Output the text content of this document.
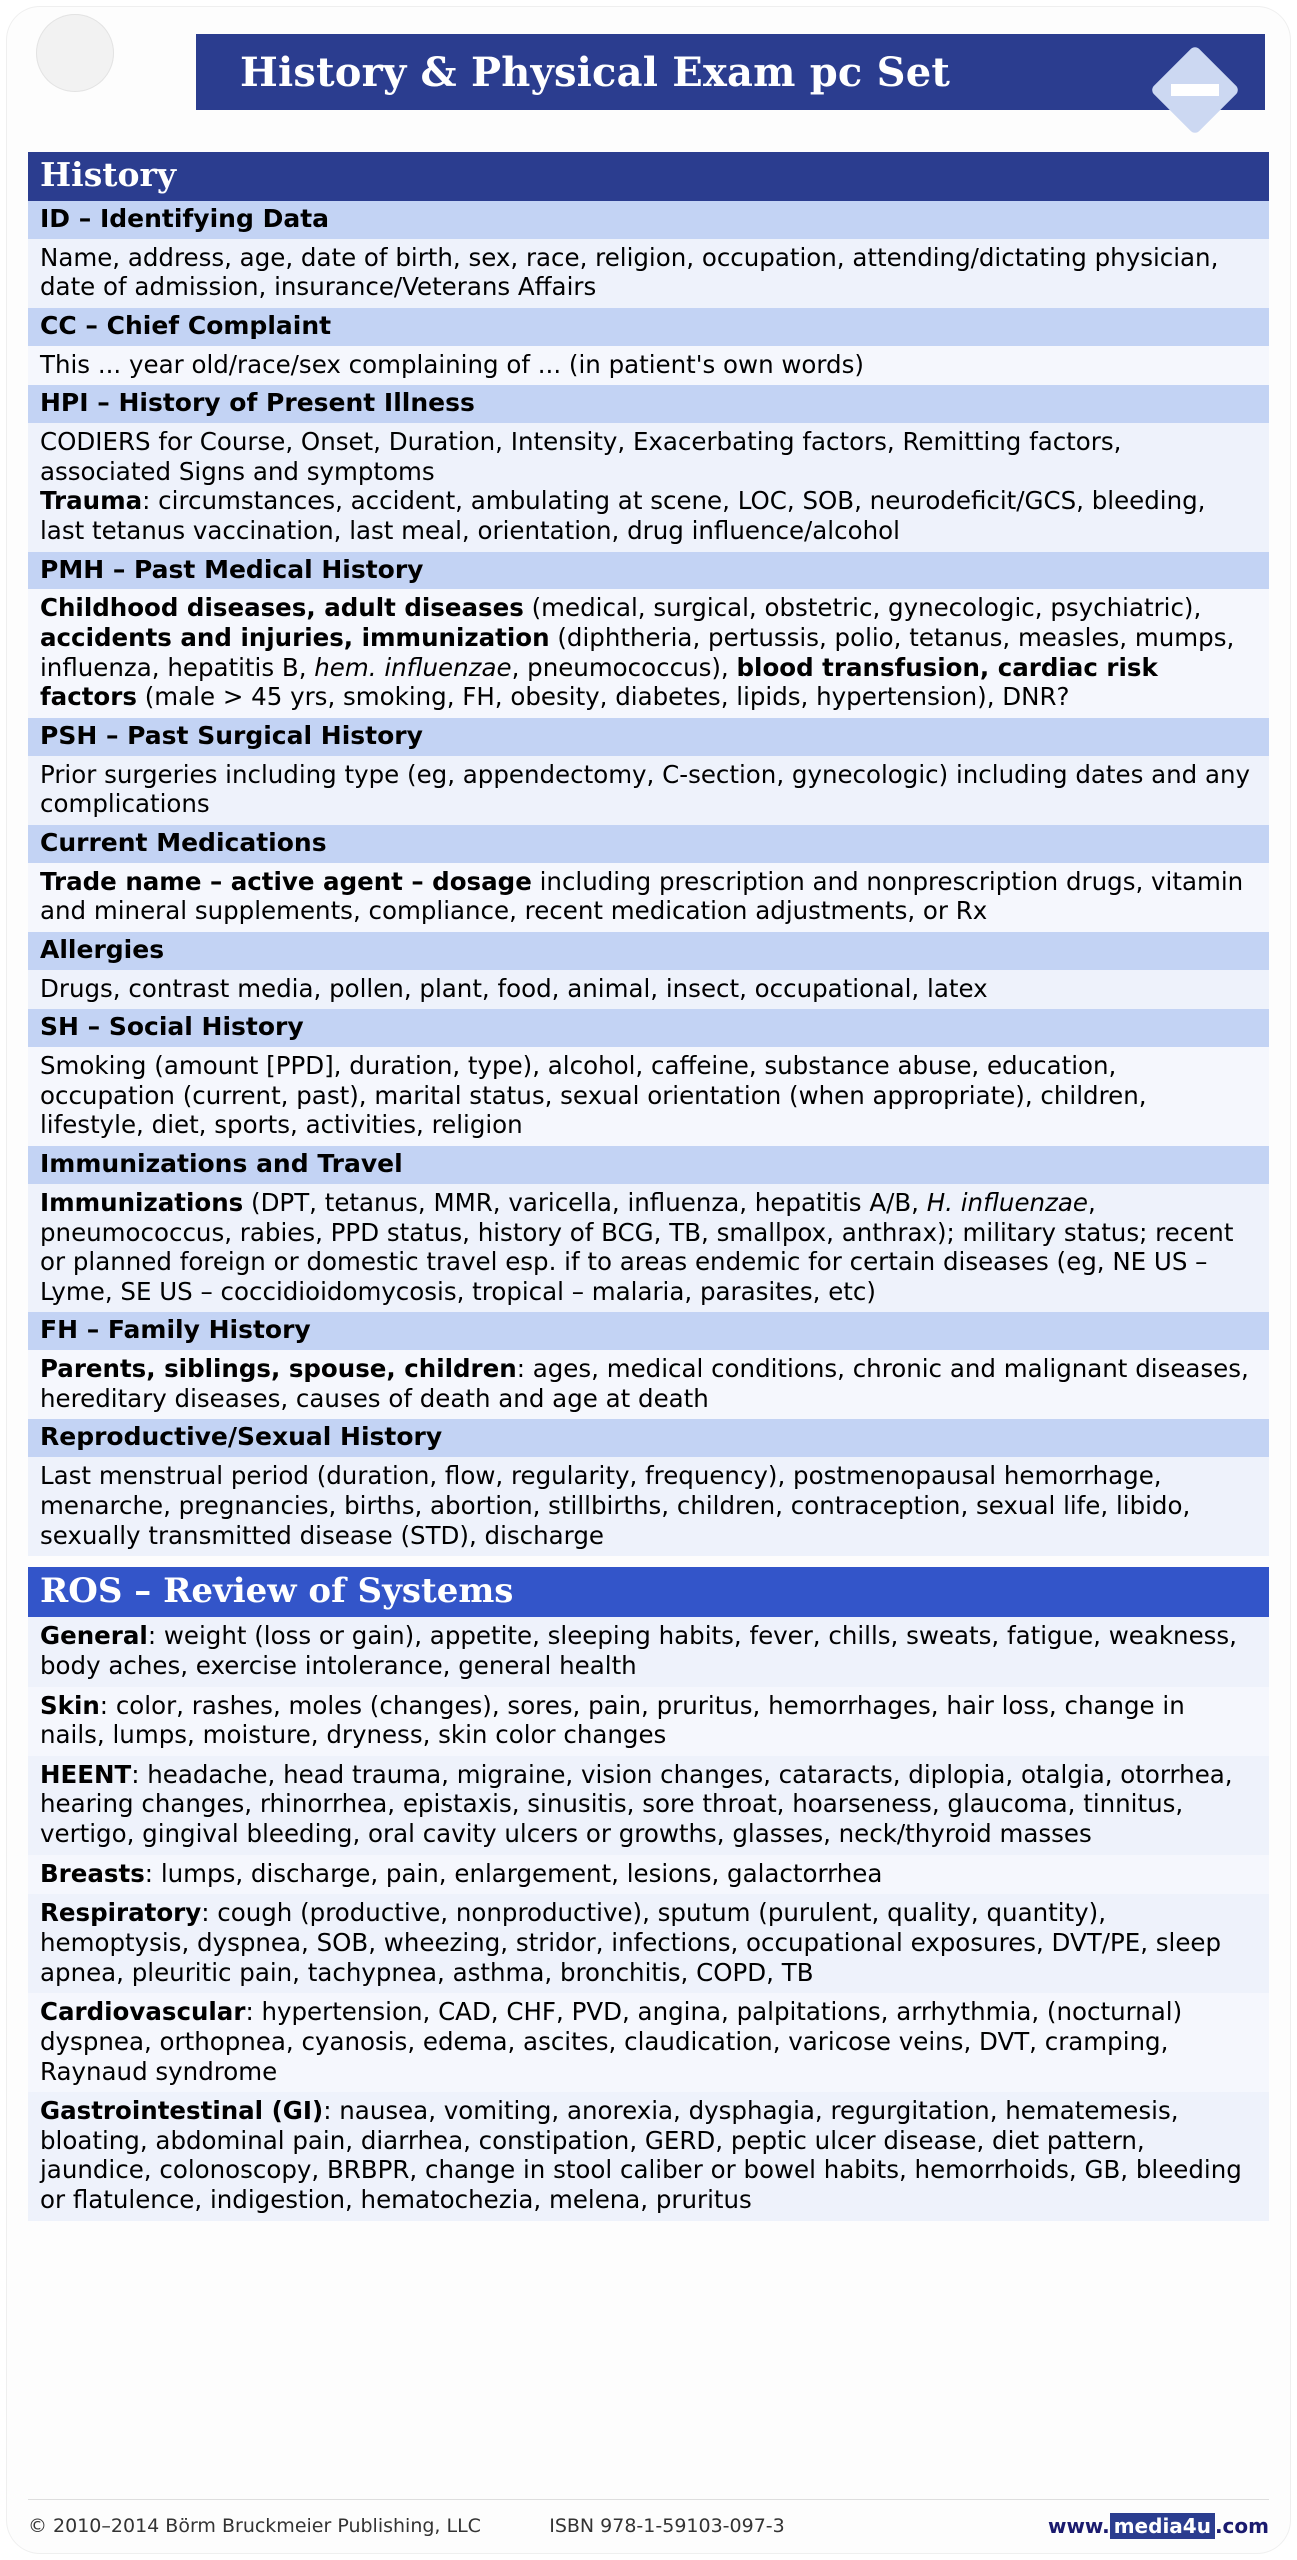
History & Physical Exam pc Set
History
ID – Identifying Data
Name, address, age, date of birth, sex, race, religion, occupation, attending/dictating physician, date of admission, insurance/Veterans Affairs
CC – Chief Complaint
This ... year old/race/sex complaining of ... (in patient's own words)
HPI – History of Present Illness
CODIERS for Course, Onset, Duration, Intensity, Exacerbating factors, Remitting factors, associated Signs and symptoms
Trauma: circumstances, accident, ambulating at scene, LOC, SOB, neurodeficit/GCS, bleeding, last tetanus vaccination, last meal, orientation, drug influence/alcohol
PMH – Past Medical History
Childhood diseases, adult diseases (medical, surgical, obstetric, gynecologic, psychiatric), accidents and injuries, immunization (diphtheria, pertussis, polio, tetanus, measles, mumps, influenza, hepatitis B, hem. influenzae, pneumococcus), blood transfusion, cardiac risk factors (male > 45 yrs, smoking, FH, obesity, diabetes, lipids, hypertension), DNR?
PSH – Past Surgical History
Prior surgeries including type (eg, appendectomy, C-section, gynecologic) including dates and any complications
Current Medications
Trade name – active agent – dosage including prescription and nonprescription drugs, vitamin and mineral supplements, compliance, recent medication adjustments, or Rx
Allergies
Drugs, contrast media, pollen, plant, food, animal, insect, occupational, latex
SH – Social History
Smoking (amount [PPD], duration, type), alcohol, caffeine, substance abuse, education, occupation (current, past), marital status, sexual orientation (when appropriate), children, lifestyle, diet, sports, activities, religion
Immunizations and Travel
Immunizations (DPT, tetanus, MMR, varicella, influenza, hepatitis A/B, H. influenzae, pneumococcus, rabies, PPD status, history of BCG, TB, smallpox, anthrax); military status; recent or planned foreign or domestic travel esp. if to areas endemic for certain diseases (eg, NE US – Lyme, SE US – coccidioidomycosis, tropical – malaria, parasites, etc)
FH – Family History
Parents, siblings, spouse, children: ages, medical conditions, chronic and malignant diseases, hereditary diseases, causes of death and age at death
Reproductive/Sexual History
Last menstrual period (duration, flow, regularity, frequency), postmenopausal hemorrhage, menarche, pregnancies, births, abortion, stillbirths, children, contraception, sexual life, libido, sexually transmitted disease (STD), discharge
ROS – Review of Systems
General: weight (loss or gain), appetite, sleeping habits, fever, chills, sweats, fatigue, weakness, body aches, exercise intolerance, general health
Skin: color, rashes, moles (changes), sores, pain, pruritus, hemorrhages, hair loss, change in nails, lumps, moisture, dryness, skin color changes
HEENT: headache, head trauma, migraine, vision changes, cataracts, diplopia, otalgia, otorrhea, hearing changes, rhinorrhea, epistaxis, sinusitis, sore throat, hoarseness, glaucoma, tinnitus, vertigo, gingival bleeding, oral cavity ulcers or growths, glasses, neck/thyroid masses
Breasts: lumps, discharge, pain, enlargement, lesions, galactorrhea
Respiratory: cough (productive, nonproductive), sputum (purulent, quality, quantity), hemoptysis, dyspnea, SOB, wheezing, stridor, infections, occupational exposures, DVT/PE, sleep apnea, pleuritic pain, tachypnea, asthma, bronchitis, COPD, TB
Cardiovascular: hypertension, CAD, CHF, PVD, angina, palpitations, arrhythmia, (nocturnal) dyspnea, orthopnea, cyanosis, edema, ascites, claudication, varicose veins, DVT, cramping, Raynaud syndrome
Gastrointestinal (GI): nausea, vomiting, anorexia, dysphagia, regurgitation, hematemesis, bloating, abdominal pain, diarrhea, constipation, GERD, peptic ulcer disease, diet pattern, jaundice, colonoscopy, BRBPR, change in stool caliber or bowel habits, hemorrhoids, GB, bleeding or flatulence, indigestion, hematochezia, melena, pruritus
© 2010–2014 Börm Bruckmeier Publishing, LLC	ISBN 978-1-59103-097-3	www. media4u .com
